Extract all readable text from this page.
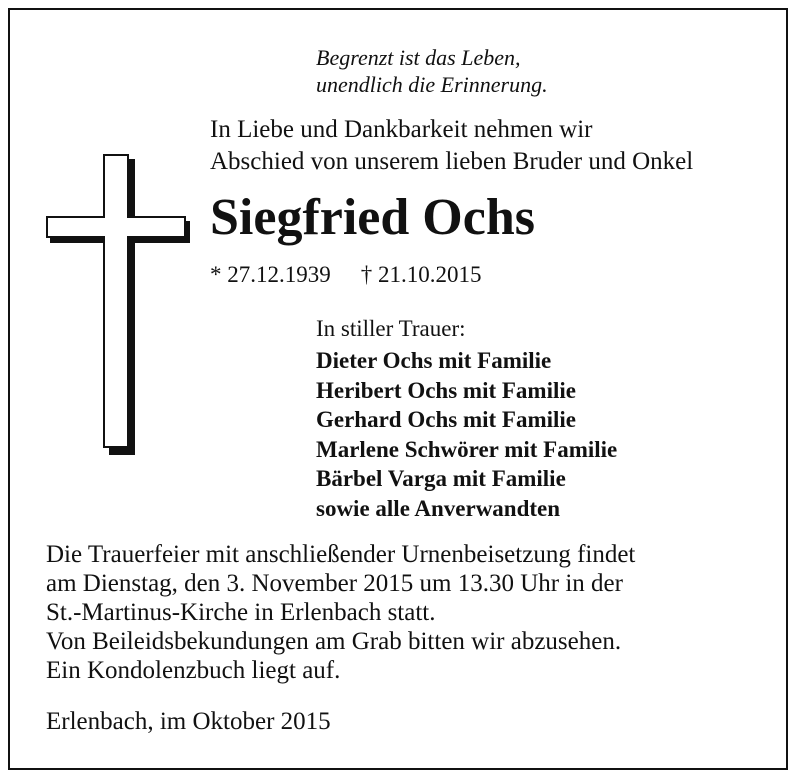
Begrenzt ist das Leben,
unendlich die Erinnerung.
In Liebe und Dankbarkeit nehmen wir
Abschied von unserem lieben Bruder und Onkel
Siegfried Ochs
* 27.12.1939 † 21.10.2015
In stiller Trauer:
Dieter Ochs mit Familie
Heribert Ochs mit Familie
Gerhard Ochs mit Familie
Marlene Schwörer mit Familie
Bärbel Varga mit Familie
sowie alle Anverwandten
Die Trauerfeier mit anschließender Urnenbeisetzung findet
am Dienstag, den 3. November 2015 um 13.30 Uhr in der
St.-Martinus-Kirche in Erlenbach statt.
Von Beileidsbekundungen am Grab bitten wir abzusehen.
Ein Kondolenzbuch liegt auf.
Erlenbach, im Oktober 2015
